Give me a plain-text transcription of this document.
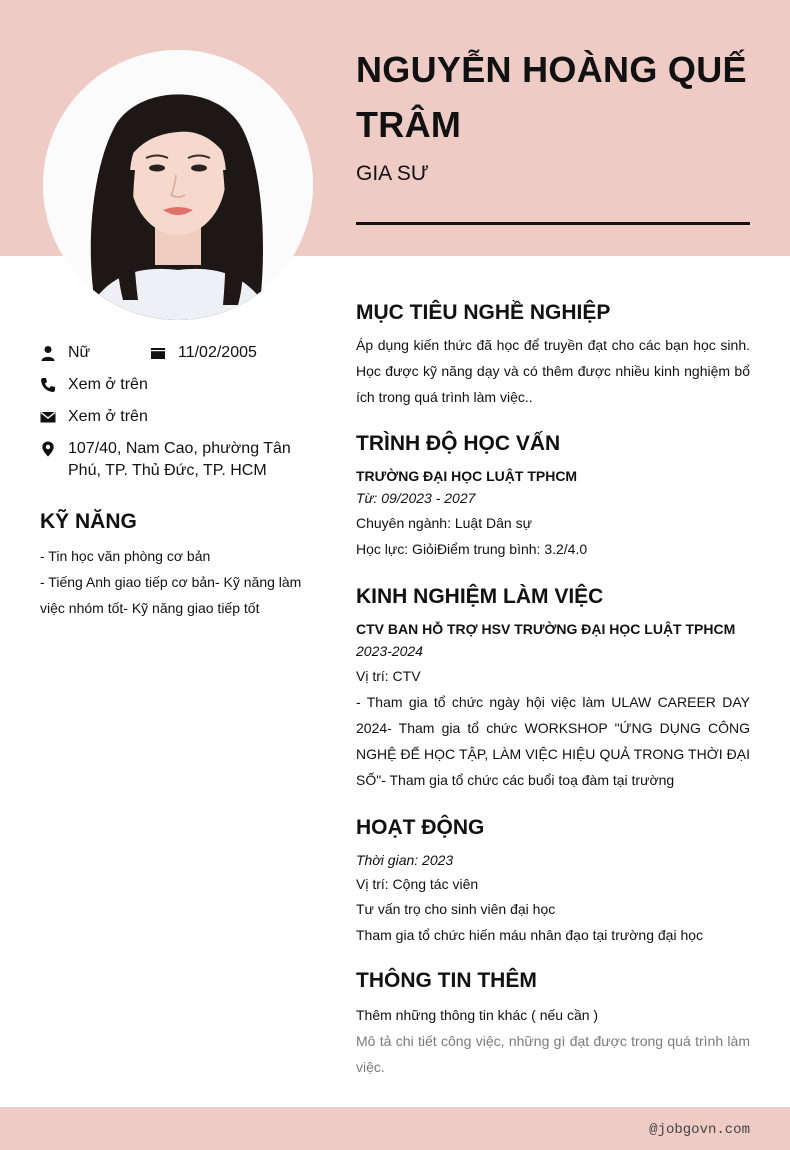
NGUYỄN HOÀNG QUẾ TRÂM
GIA SƯ
Nữ	11/02/2005
Xem ở trên
Xem ở trên
107/40, Nam Cao, phường Tân Phú, TP. Thủ Đức, TP. HCM
KỸ NĂNG
- Tin học văn phòng cơ bản
- Tiếng Anh giao tiếp cơ bản- Kỹ năng làm việc nhóm tốt- Kỹ năng giao tiếp tốt
MỤC TIÊU NGHỀ NGHIỆP
Áp dụng kiến thức đã học để truyền đạt cho các bạn học sinh. Học được kỹ năng dạy và có thêm được nhiều kinh nghiệm bổ ích trong quá trình làm việc..
TRÌNH ĐỘ HỌC VẤN
TRƯỜNG ĐẠI HỌC LUẬT TPHCM
Từ: 09/2023 - 2027
Chuyên ngành: Luật Dân sự
Học lực: GiỏiĐiểm trung bình: 3.2/4.0
KINH NGHIỆM LÀM VIỆC
CTV BAN HỖ TRỢ HSV TRƯỜNG ĐẠI HỌC LUẬT TPHCM
2023-2024
Vị trí: CTV
- Tham gia tổ chức ngày hội việc làm ULAW CAREER DAY 2024- Tham gia tổ chức WORKSHOP "ỨNG DỤNG CÔNG NGHỆ ĐỂ HỌC TẬP, LÀM VIỆC HIỆU QUẢ TRONG THỜI ĐẠI SỐ"- Tham gia tổ chức các buổi toạ đàm tại trường
HOẠT ĐỘNG
Thời gian: 2023
Vị trí: Cộng tác viên
Tư vấn trọ cho sinh viên đại học
Tham gia tổ chức hiến máu nhân đạo tại trường đại học
THÔNG TIN THÊM
Thêm những thông tin khác ( nếu cần )
Mô tả chi tiết công việc, những gì đạt được trong quá trình làm việc.
@jobgovn.com
